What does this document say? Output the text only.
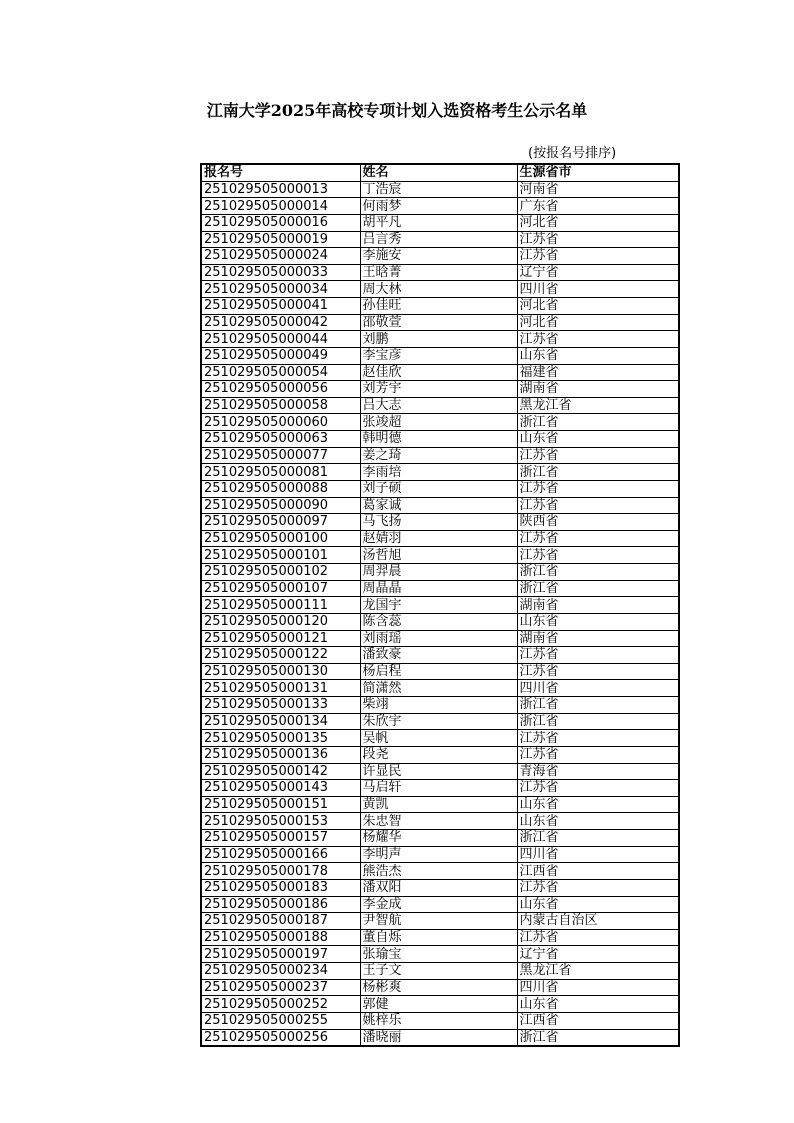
江南大学2025年高校专项计划入选资格考生公示名单
(按报名号排序)
报名号	姓名	生源省市
251029505000013	丁浩宸	河南省
251029505000014	何雨梦	广东省
251029505000016	胡平凡	河北省
251029505000019	吕言秀	江苏省
251029505000024	李施安	江苏省
251029505000033	王晗菁	辽宁省
251029505000034	周大林	四川省
251029505000041	孙佳旺	河北省
251029505000042	邵敬萱	河北省
251029505000044	刘鹏	江苏省
251029505000049	李宝彦	山东省
251029505000054	赵佳欣	福建省
251029505000056	刘芳宇	湖南省
251029505000058	吕大志	黑龙江省
251029505000060	张竣超	浙江省
251029505000063	韩明德	山东省
251029505000077	姜之琦	江苏省
251029505000081	李雨培	浙江省
251029505000088	刘子硕	江苏省
251029505000090	葛家诚	江苏省
251029505000097	马飞扬	陕西省
251029505000100	赵婧羽	江苏省
251029505000101	汤哲旭	江苏省
251029505000102	周羿晨	浙江省
251029505000107	周晶晶	浙江省
251029505000111	龙国宇	湖南省
251029505000120	陈含蕊	山东省
251029505000121	刘雨瑶	湖南省
251029505000122	潘致豪	江苏省
251029505000130	杨启程	江苏省
251029505000131	简潇然	四川省
251029505000133	柴翊	浙江省
251029505000134	朱欣宇	浙江省
251029505000135	吴帆	江苏省
251029505000136	段尧	江苏省
251029505000142	许显民	青海省
251029505000143	马启轩	江苏省
251029505000151	黄凯	山东省
251029505000153	朱忠智	山东省
251029505000157	杨耀华	浙江省
251029505000166	李明声	四川省
251029505000178	熊浩杰	江西省
251029505000183	潘双阳	江苏省
251029505000186	李金成	山东省
251029505000187	尹智航	内蒙古自治区
251029505000188	董自烁	江苏省
251029505000197	张瑜宝	辽宁省
251029505000234	王子文	黑龙江省
251029505000237	杨彬爽	四川省
251029505000252	郭健	山东省
251029505000255	姚梓乐	江西省
251029505000256	潘晓丽	浙江省
